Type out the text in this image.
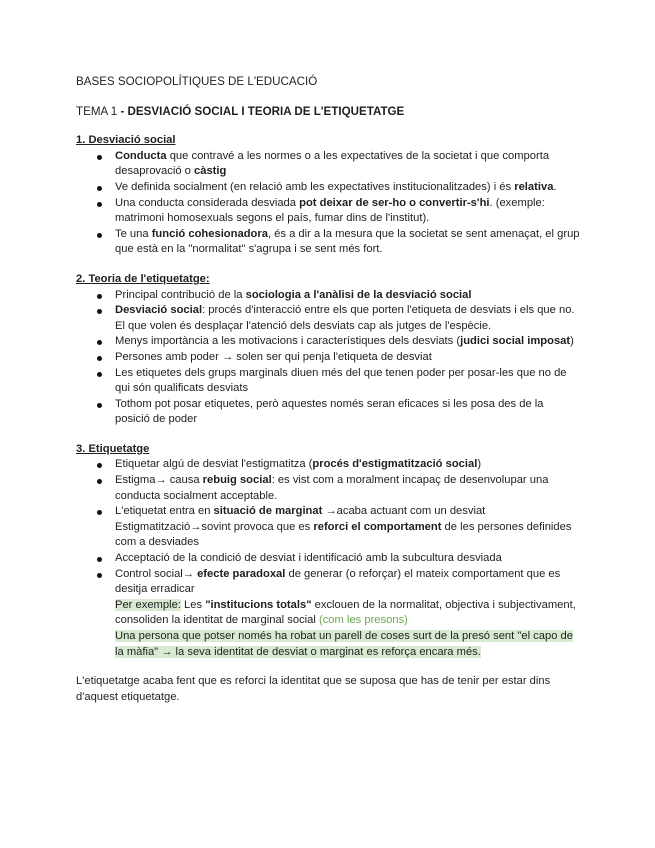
BASES SOCIOPOLÍTIQUES DE L'EDUCACIÓ

TEMA 1 - DESVIACIÓ SOCIAL I TEORIA DE L'ETIQUETATGE

1. Desviació social

Conducta que contravé a les normes o a les expectatives de la societat i que comporta desaprovació o càstig
Ve definida socialment (en relació amb les expectatives institucionalitzades) i és relativa.
Una conducta considerada desviada pot deixar de ser-ho o convertir-s'hi. (exemple: matrimoni homosexuals segons el país, fumar dins de l'institut).
Te una funció cohesionadora, és a dir a la mesura que la societat se sent amenaçat, el grup que està en la "normalitat" s'agrupa i se sent més fort.

2. Teoria de l'etiquetatge:

Principal contribució de la sociologia a l'anàlisi de la desviació social
Desviació social: procés d'interacció entre els que porten l'etiqueta de desviats i els que no. El que volen és desplaçar l'atenció dels desviats cap als jutges de l'espècie.
Menys importància a les motivacions i característiques dels desviats (judici social imposat)
Persones amb poder → solen ser qui penja l'etiqueta de desviat
Les etiquetes dels grups marginals diuen més del que tenen poder per posar-les que no de qui són qualificats desviats
Tothom pot posar etiquetes, però aquestes només seran eficaces si les posa des de la posició de poder

3. Etiquetatge

Etiquetar algú de desviat l'estigmatitza (procés d'estigmatització social)
Estigma→ causa rebuig social: es vist com a moralment incapaç de desenvolupar una conducta socialment acceptable.
L'etiquetat entra en situació de marginat →acaba actuant com un desviat
Estigmatització→sovint provoca que es reforci el comportament de les persones definides com a desviades
Acceptació de la condició de desviat i identificació amb la subcultura desviada
Control social→ efecte paradoxal de generar (o reforçar) el mateix comportament que es desitja erradicar
Per exemple: Les "institucions totals" exclouen de la normalitat, objectiva i subjectivament, consoliden la identitat de marginal social (com les presons)
Una persona que potser només ha robat un parell de coses surt de la presó sent "el capo de la màfia" → la seva identitat de desviat o marginat es reforça encara més.

L'etiquetatge acaba fent que es reforci la identitat que se suposa que has de tenir per estar dins d'aquest etiquetatge.
